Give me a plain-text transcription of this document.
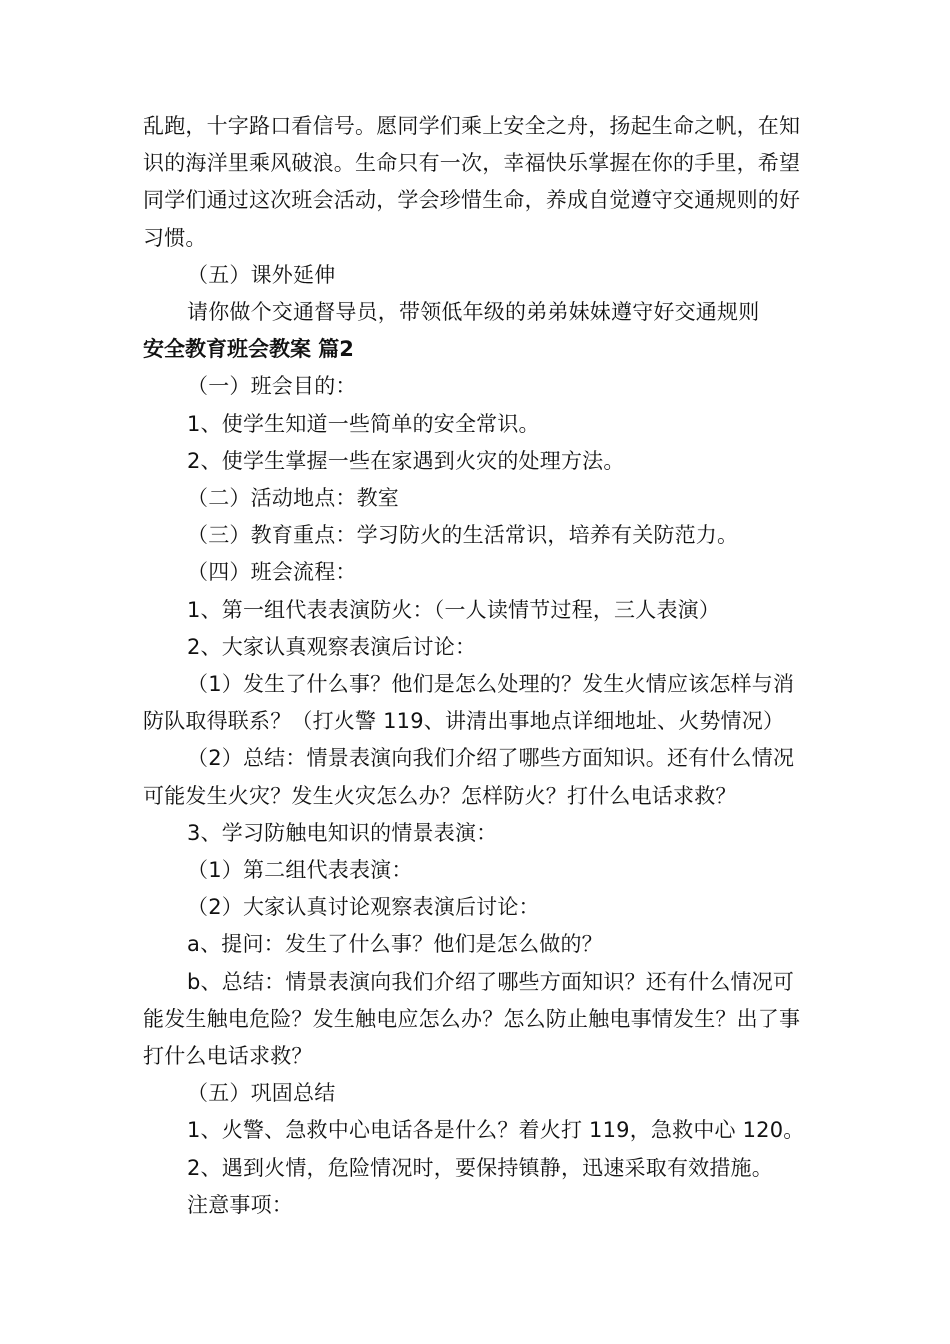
乱跑，十字路口看信号。愿同学们乘上安全之舟，扬起生命之帆，在知识的海洋里乘风破浪。生命只有一次，幸福快乐掌握在你的手里，希望同学们通过这次班会活动，学会珍惜生命，养成自觉遵守交通规则的好习惯。

（五）课外延伸

请你做个交通督导员，带领低年级的弟弟妹妹遵守好交通规则

安全教育班会教案 篇2

（一）班会目的：

1、使学生知道一些简单的安全常识。

2、使学生掌握一些在家遇到火灾的处理方法。

（二）活动地点：教室

（三）教育重点：学习防火的生活常识，培养有关防范力。

（四）班会流程：

1、第一组代表表演防火：（一人读情节过程，三人表演）

2、大家认真观察表演后讨论：

（1）发生了什么事？他们是怎么处理的？发生火情应该怎样与消防队取得联系？（打火警 119、讲清出事地点详细地址、火势情况）

（2）总结：情景表演向我们介绍了哪些方面知识。还有什么情况可能发生火灾？发生火灾怎么办？怎样防火？打什么电话求救？

3、学习防触电知识的情景表演：

（1）第二组代表表演：

（2）大家认真讨论观察表演后讨论：

a、提问：发生了什么事？他们是怎么做的？

b、总结：情景表演向我们介绍了哪些方面知识？还有什么情况可能发生触电危险？发生触电应怎么办？怎么防止触电事情发生？出了事打什么电话求救？

（五）巩固总结

1、火警、急救中心电话各是什么？着火打 119，急救中心 120。

2、遇到火情，危险情况时，要保持镇静，迅速采取有效措施。

注意事项：
